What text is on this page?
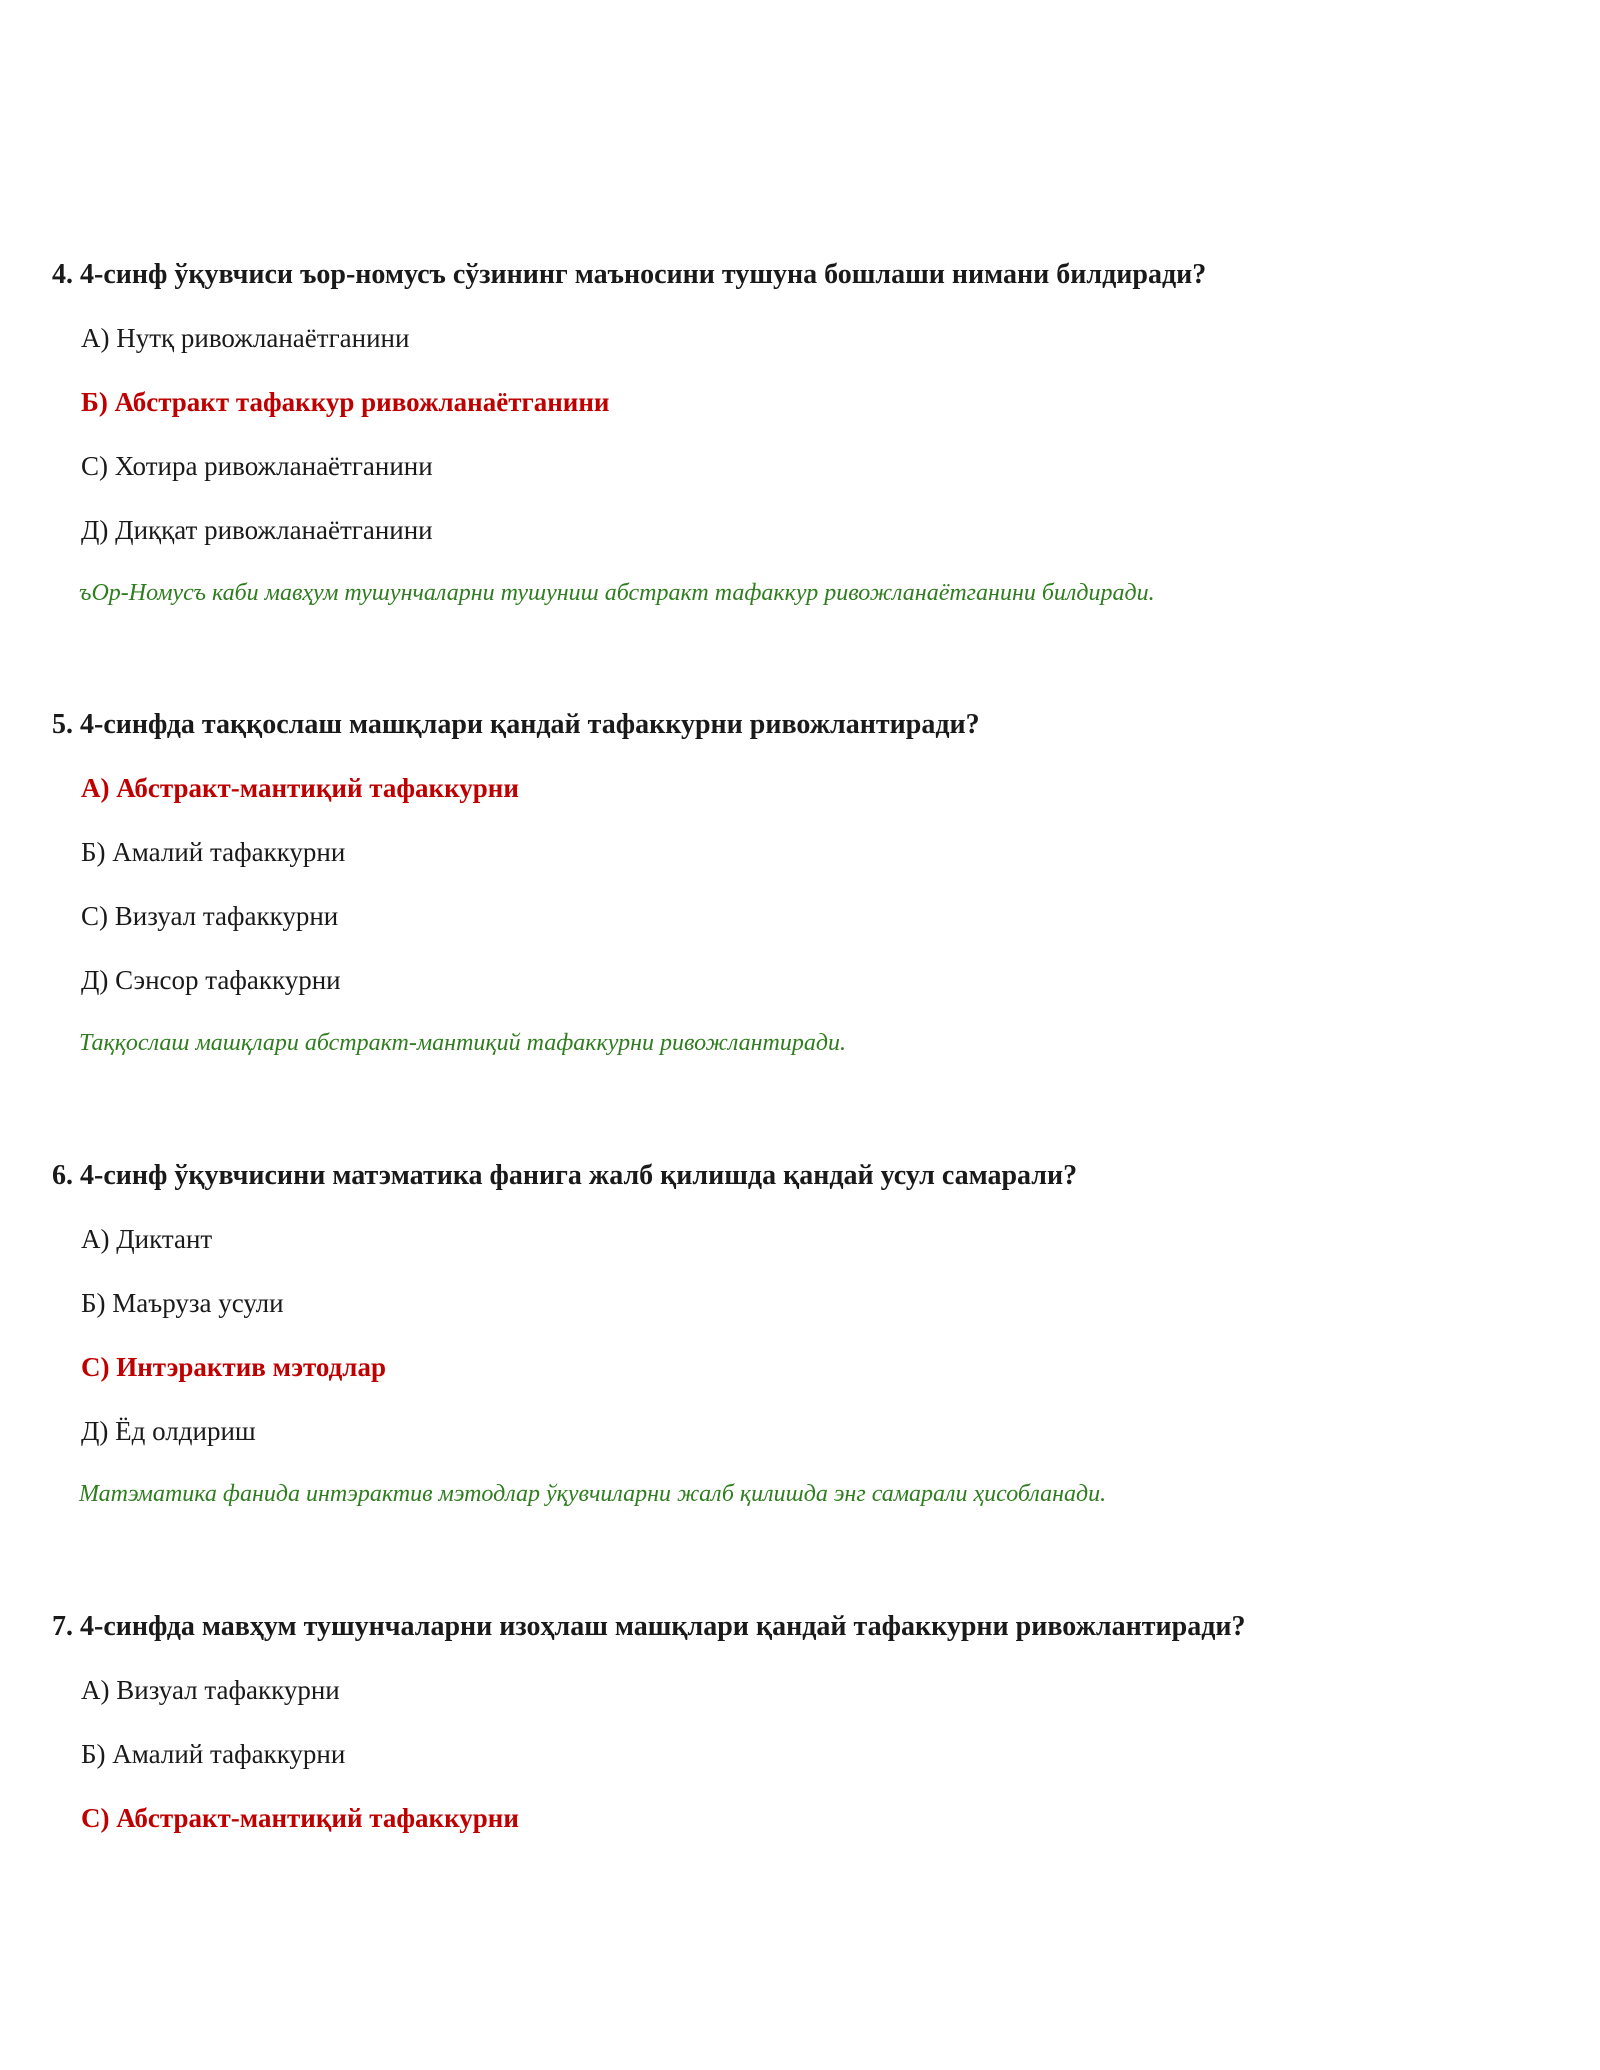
4. 4-синф ўқувчиси ъор-номусъ сўзининг маъносини тушуна бошлаши нимани билдиради?

А) Нутқ ривожланаётганини
Б) Абстракт тафаккур ривожланаётганини
С) Хотира ривожланаётганини
Д) Диққат ривожланаётганини
ъОр-Номусъ каби мавҳум тушунчаларни тушуниш абстракт тафаккур ривожланаётганини билдиради.

5. 4-синфда таққослаш машқлари қандай тафаккурни ривожлантиради?

А) Абстракт-мантиқий тафаккурни
Б) Амалий тафаккурни
С) Визуал тафаккурни
Д) Сэнсор тафаккурни
Таққослаш машқлари абстракт-мантиқий тафаккурни ривожлантиради.

6. 4-синф ўқувчисини матэматика фанига жалб қилишда қандай усул самарали?

А) Диктант
Б) Маъруза усули
С) Интэрактив мэтодлар
Д) Ёд олдириш
Матэматика фанида интэрактив мэтодлар ўқувчиларни жалб қилишда энг самарали ҳисобланади.

7. 4-синфда мавҳум тушунчаларни изоҳлаш машқлари қандай тафаккурни ривожлантиради?

А) Визуал тафаккурни
Б) Амалий тафаккурни
С) Абстракт-мантиқий тафаккурни
